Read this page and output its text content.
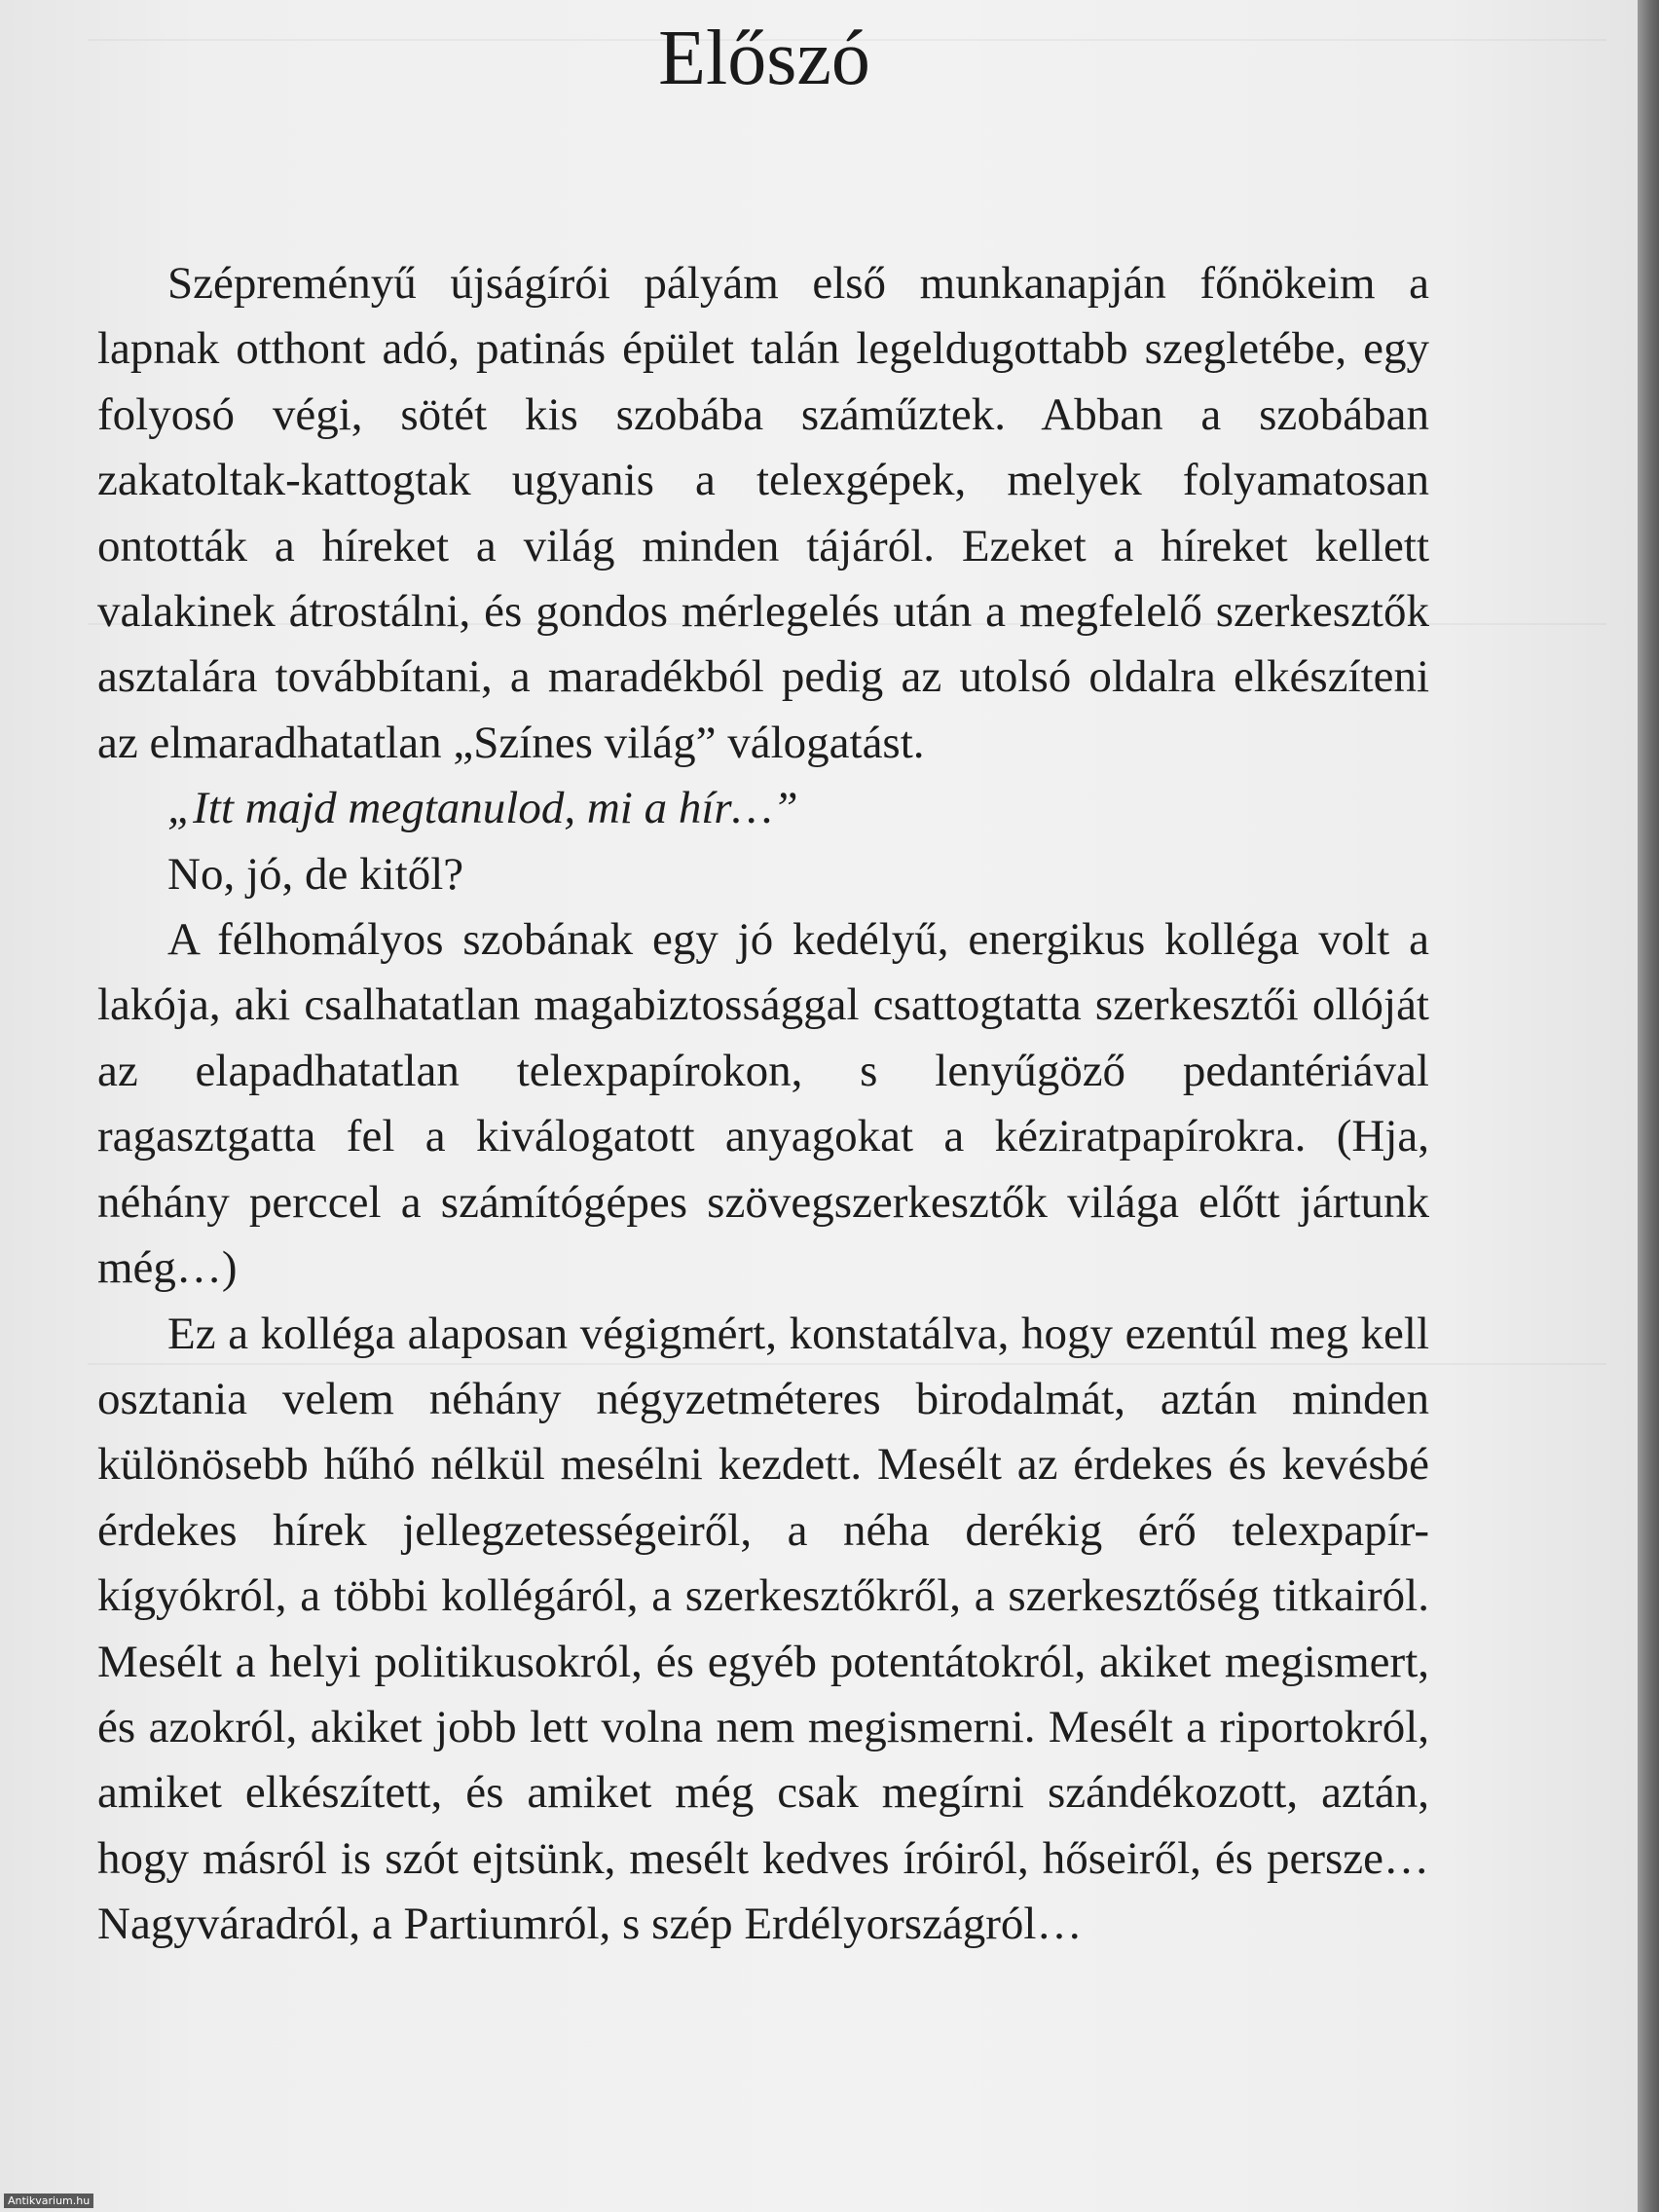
Előszó

Szépreményű újságírói pályám első munkanapján főnökeim a lapnak otthont adó, patinás épület talán legeldugottabb szegletébe, egy folyosó végi, sötét kis szobába száműztek. Abban a szobában zakatoltak-kattogtak ugyanis a telexgépek, melyek folyamatosan ontották a híreket a világ minden tájáról. Ezeket a híreket kellett valakinek átrostálni, és gondos mérlegelés után a megfelelő szerkesztők asztalára továbbítani, a maradékból pedig az utolsó oldalra elkészíteni az elmaradhatatlan „Színes világ” válogatást.

„Itt majd megtanulod, mi a hír…”

No, jó, de kitől?

A félhomályos szobának egy jó kedélyű, energikus kolléga volt a lakója, aki csalhatatlan magabiztossággal csattogtatta szerkesztői ollóját az elapadhatatlan telexpapírokon, s lenyűgöző pedantériával ragasztgatta fel a kiválogatott anyagokat a kéziratpapírokra. (Hja, néhány perccel a számítógépes szövegszerkesztők világa előtt jártunk még…)

Ez a kolléga alaposan végigmért, konstatálva, hogy ezentúl meg kell osztania velem néhány négyzetméteres birodalmát, aztán minden különösebb hűhó nélkül mesélni kezdett. Mesélt az érdekes és kevésbé érdekes hírek jellegzetességeiről, a néha derékig érő telexpapír-kígyókról, a többi kollégáról, a szerkesztőkről, a szerkesztőség titkairól. Mesélt a helyi politikusokról, és egyéb potentátokról, akiket megismert, és azokról, akiket jobb lett volna nem megismerni. Mesélt a riportokról, amiket elkészített, és amiket még csak megírni szándékozott, aztán, hogy másról is szót ejtsünk, mesélt kedves íróiról, hőseiről, és persze… Nagyváradról, a Partiumról, s szép Erdélyországról…

Antikvarium.hu
